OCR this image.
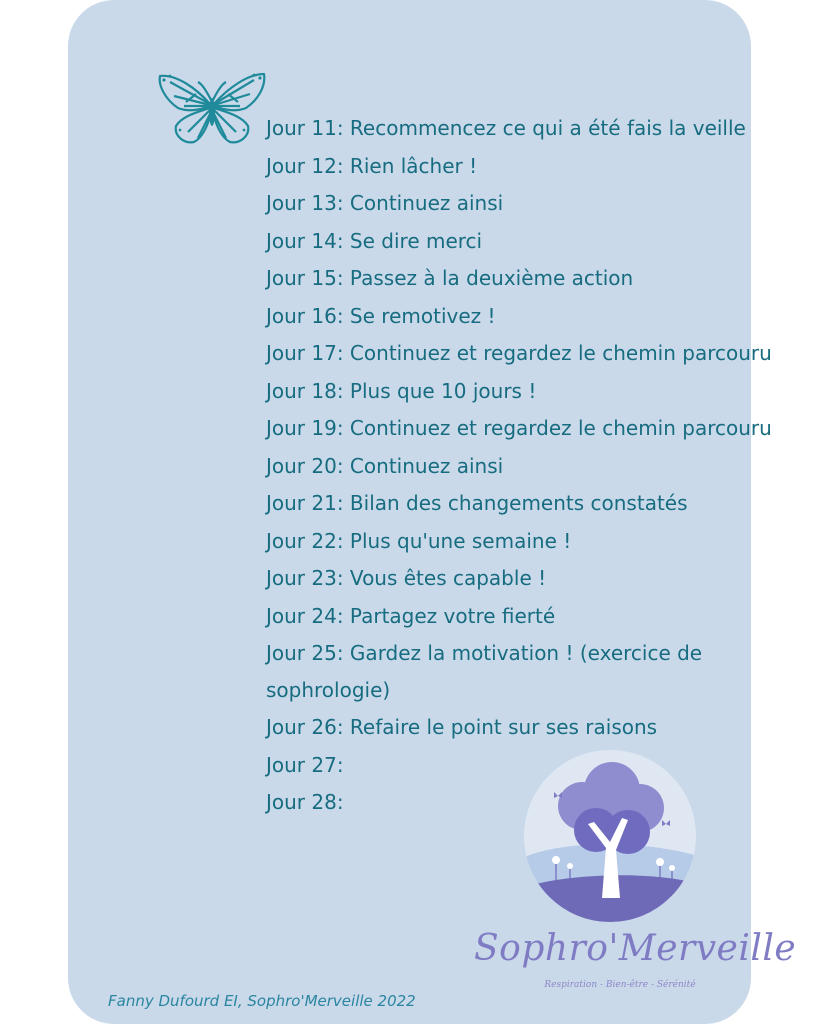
Jour 11: Recommencez ce qui a été fais la veille
Jour 12: Rien lâcher !
Jour 13: Continuez ainsi
Jour 14: Se dire merci
Jour 15: Passez à la deuxième action
Jour 16: Se remotivez !
Jour 17: Continuez et regardez le chemin parcouru
Jour 18: Plus que 10 jours !
Jour 19: Continuez et regardez le chemin parcouru
Jour 20: Continuez ainsi
Jour 21: Bilan des changements constatés
Jour 22: Plus qu'une semaine !
Jour 23: Vous êtes capable !
Jour 24: Partagez votre fierté
Jour 25: Gardez la motivation ! (exercice de sophrologie)
Jour 26: Refaire le point sur ses raisons
Jour 27:
Jour 28:
Sophro'Merveille
Respiration - Bien-être - Sérénité
Fanny Dufourd EI, Sophro'Merveille 2022
